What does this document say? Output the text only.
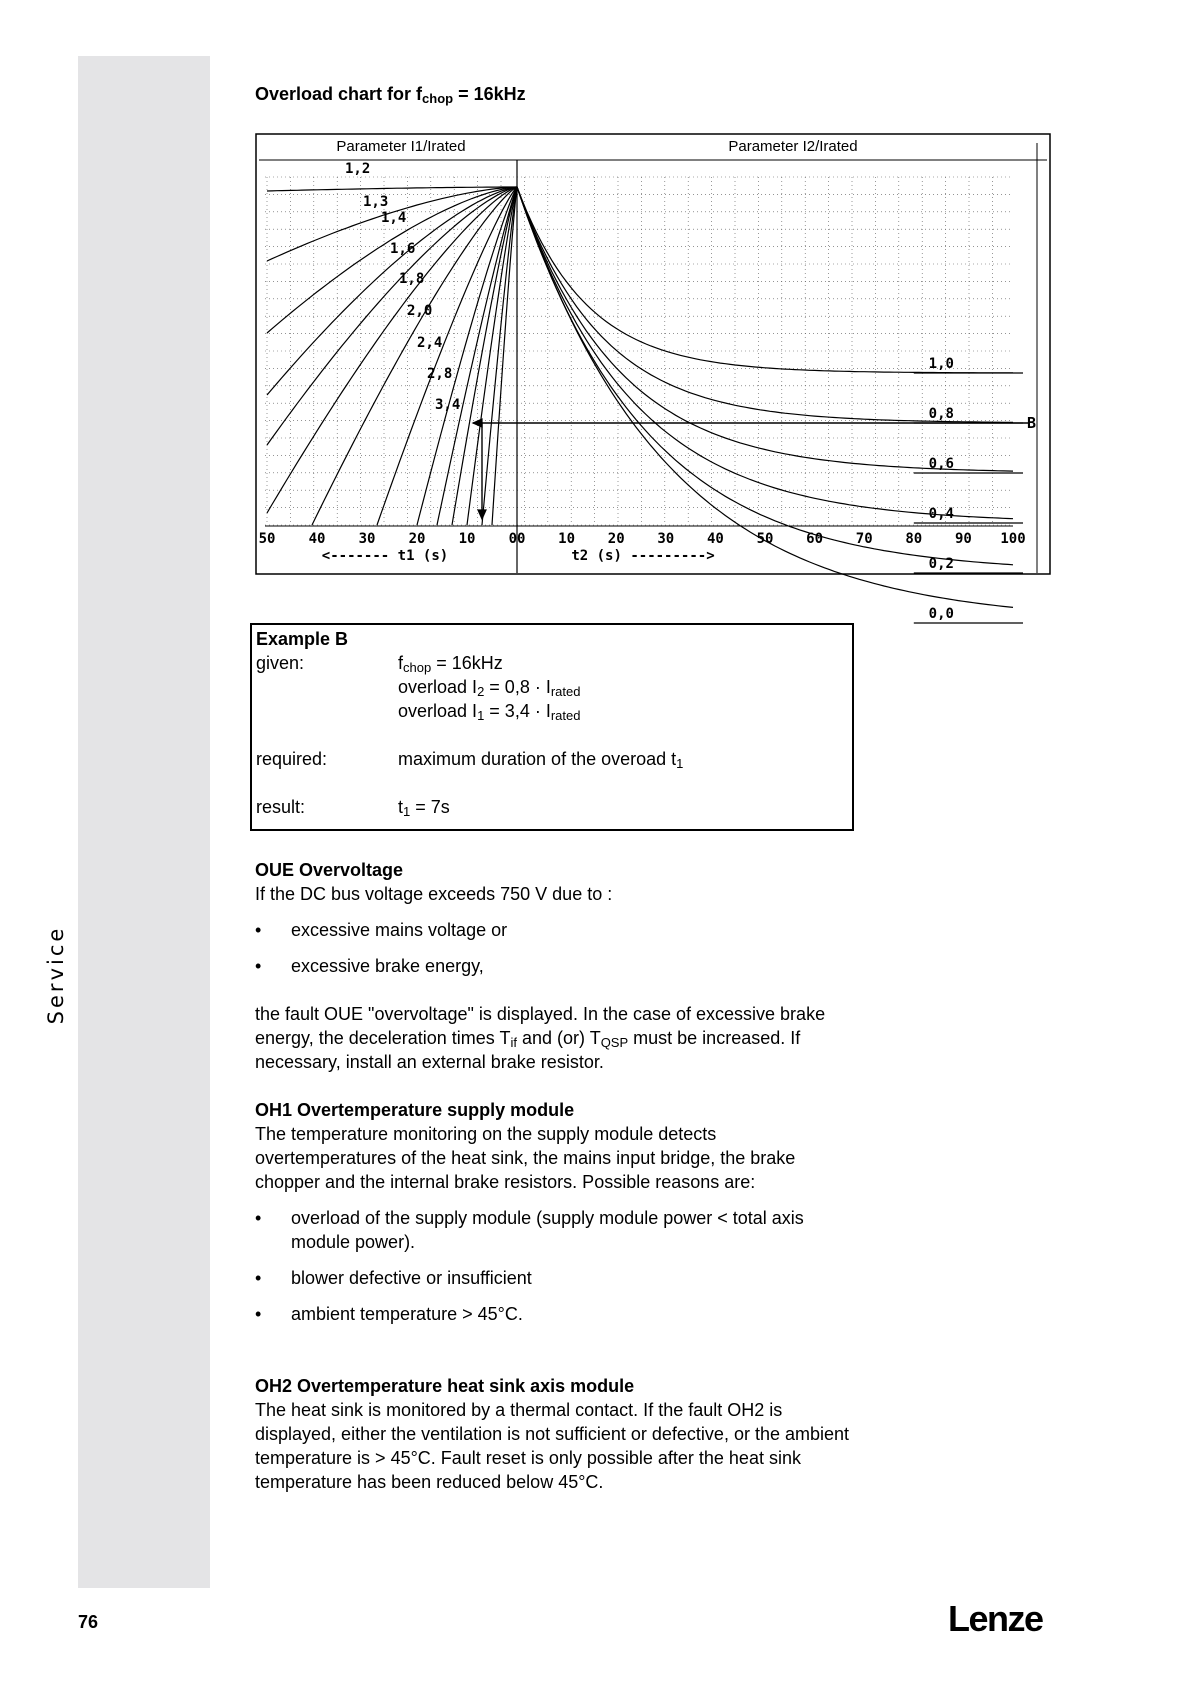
Service
Overload chart for $f_{chop} = 16kHz$
Parameter I1/Irated	Parameter I2/Irated
1,0
0,8
0,6
0,4
0,2
0,0
1,2
1,3
1,4
1,6
1,8
2,0
2,4
2,8
3,4
B
50 40 30 20 10 00 10 20 30 40 50 60 70 80 90 100
<------- t1 (s)	t2 (s) --------->
Example B
given:	$f_{chop} = 16kHz$
overload $I_2 = 0,8 \cdot I_{rated}$
overload $I_1 = 3,4 \cdot I_{rated}$
required:	maximum duration of the overoad $t_1$
result:	$t_1 = 7s$
OUE Overvoltage

If the DC bus voltage exceeds 750 V due to :

• excessive mains voltage or
• excessive brake energy,

the fault OUE "overvoltage" is displayed. In the case of excessive brake energy, the deceleration times $T_{if}$ and (or) $T_{QSP}$ must be increased. If necessary, install an external brake resistor.

OH1 Overtemperature supply module

The temperature monitoring on the supply module detects overtemperatures of the heat sink, the mains input bridge, the brake chopper and the internal brake resistors. Possible reasons are:

• overload of the supply module (supply module power < total axis module power).
• blower defective or insufficient
• ambient temperature > 45°C.
OH2 Overtemperature heat sink axis module

The heat sink is monitored by a thermal contact. If the fault OH2 is displayed, either the ventilation is not sufficient or defective, or the ambient temperature is > 45°C. Fault reset is only possible after the heat sink temperature has been reduced below 45°C.

76	Lenze
